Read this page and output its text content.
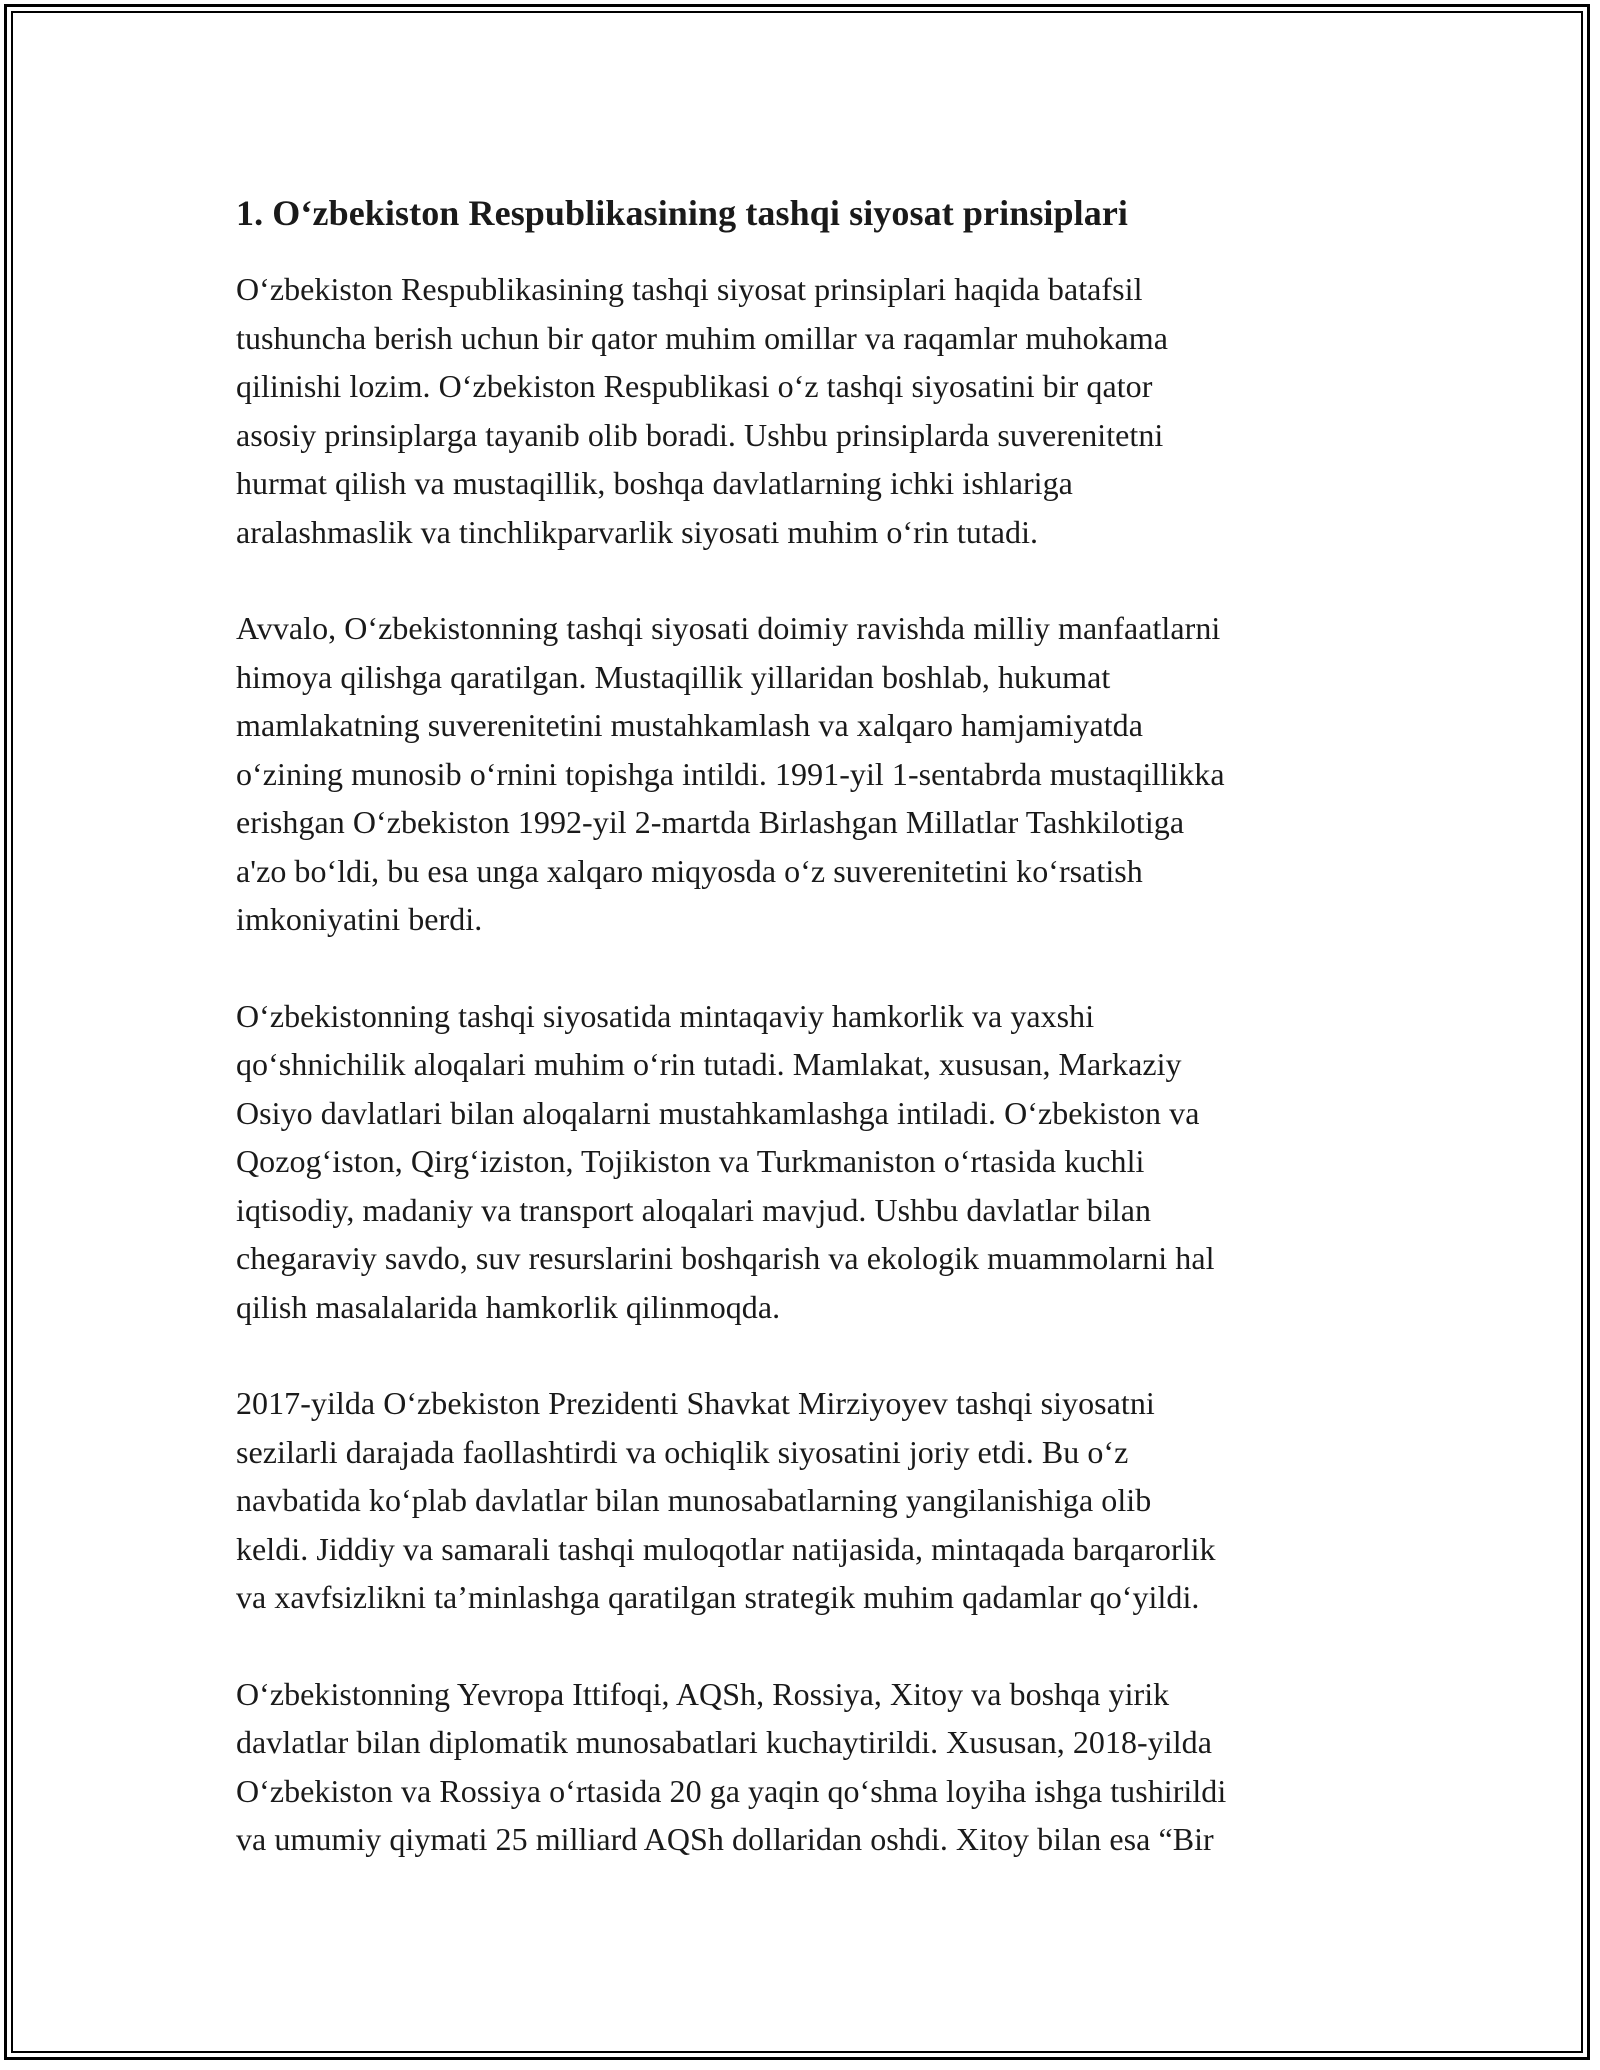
1. Oʻzbekiston Respublikasining tashqi siyosat prinsiplari

Oʻzbekiston Respublikasining tashqi siyosat prinsiplari haqida batafsil
tushuncha berish uchun bir qator muhim omillar va raqamlar muhokama
qilinishi lozim. Oʻzbekiston Respublikasi oʻz tashqi siyosatini bir qator
asosiy prinsiplarga tayanib olib boradi. Ushbu prinsiplarda suverenitetni
hurmat qilish va mustaqillik, boshqa davlatlarning ichki ishlariga
aralashmaslik va tinchlikparvarlik siyosati muhim oʻrin tutadi.

Avvalo, Oʻzbekistonning tashqi siyosati doimiy ravishda milliy manfaatlarni
himoya qilishga qaratilgan. Mustaqillik yillaridan boshlab, hukumat
mamlakatning suverenitetini mustahkamlash va xalqaro hamjamiyatda
oʻzining munosib oʻrnini topishga intildi. 1991-yil 1-sentabrda mustaqillikka
erishgan Oʻzbekiston 1992-yil 2-martda Birlashgan Millatlar Tashkilotiga
a'zo boʻldi, bu esa unga xalqaro miqyosda oʻz suverenitetini koʻrsatish
imkoniyatini berdi.

Oʻzbekistonning tashqi siyosatida mintaqaviy hamkorlik va yaxshi
qoʻshnichilik aloqalari muhim oʻrin tutadi. Mamlakat, xususan, Markaziy
Osiyo davlatlari bilan aloqalarni mustahkamlashga intiladi. Oʻzbekiston va
Qozogʻiston, Qirgʻiziston, Tojikiston va Turkmaniston oʻrtasida kuchli
iqtisodiy, madaniy va transport aloqalari mavjud. Ushbu davlatlar bilan
chegaraviy savdo, suv resurslarini boshqarish va ekologik muammolarni hal
qilish masalalarida hamkorlik qilinmoqda.

2017-yilda Oʻzbekiston Prezidenti Shavkat Mirziyoyev tashqi siyosatni
sezilarli darajada faollashtirdi va ochiqlik siyosatini joriy etdi. Bu oʻz
navbatida koʻplab davlatlar bilan munosabatlarning yangilanishiga olib
keldi. Jiddiy va samarali tashqi muloqotlar natijasida, mintaqada barqarorlik
va xavfsizlikni ta’minlashga qaratilgan strategik muhim qadamlar qoʻyildi.

Oʻzbekistonning Yevropa Ittifoqi, AQSh, Rossiya, Xitoy va boshqa yirik
davlatlar bilan diplomatik munosabatlari kuchaytirildi. Xususan, 2018-yilda
Oʻzbekiston va Rossiya oʻrtasida 20 ga yaqin qoʻshma loyiha ishga tushirildi
va umumiy qiymati 25 milliard AQSh dollaridan oshdi. Xitoy bilan esa “Bir
